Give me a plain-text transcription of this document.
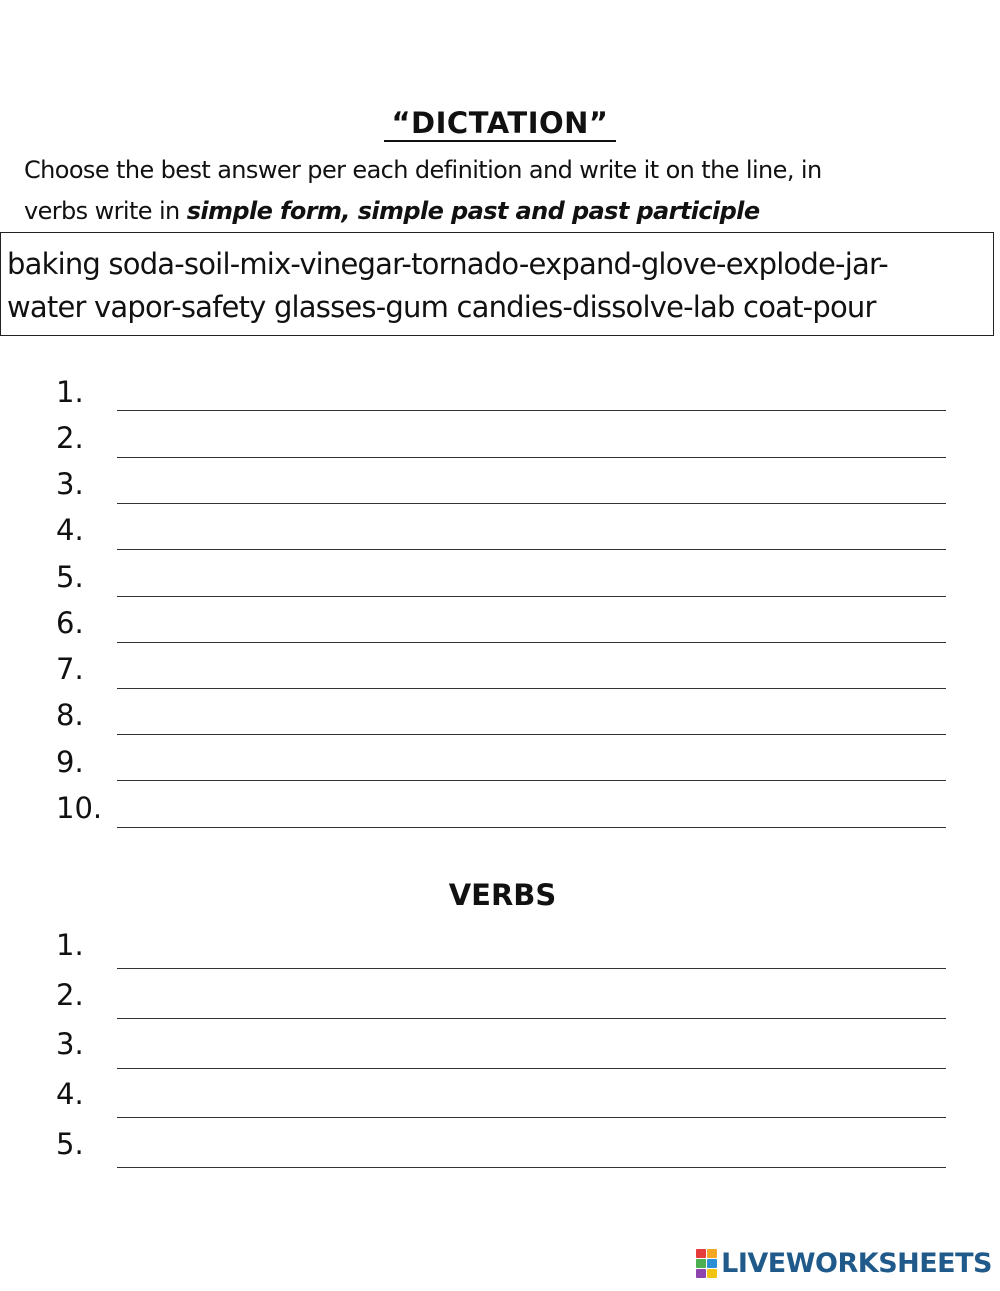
“DICTATION”
Choose the best answer per each definition and write it on the line, in
verbs write in simple form, simple past and past participle
baking soda-soil-mix-vinegar-tornado-expand-glove-explode-jar-
water vapor-safety glasses-gum candies-dissolve-lab coat-pour
1.
2.
3.
4.
5.
6.
7.
8.
9.
10.
VERBS
1.
2.
3.
4.
5.
LIVEWORKSHEETS
